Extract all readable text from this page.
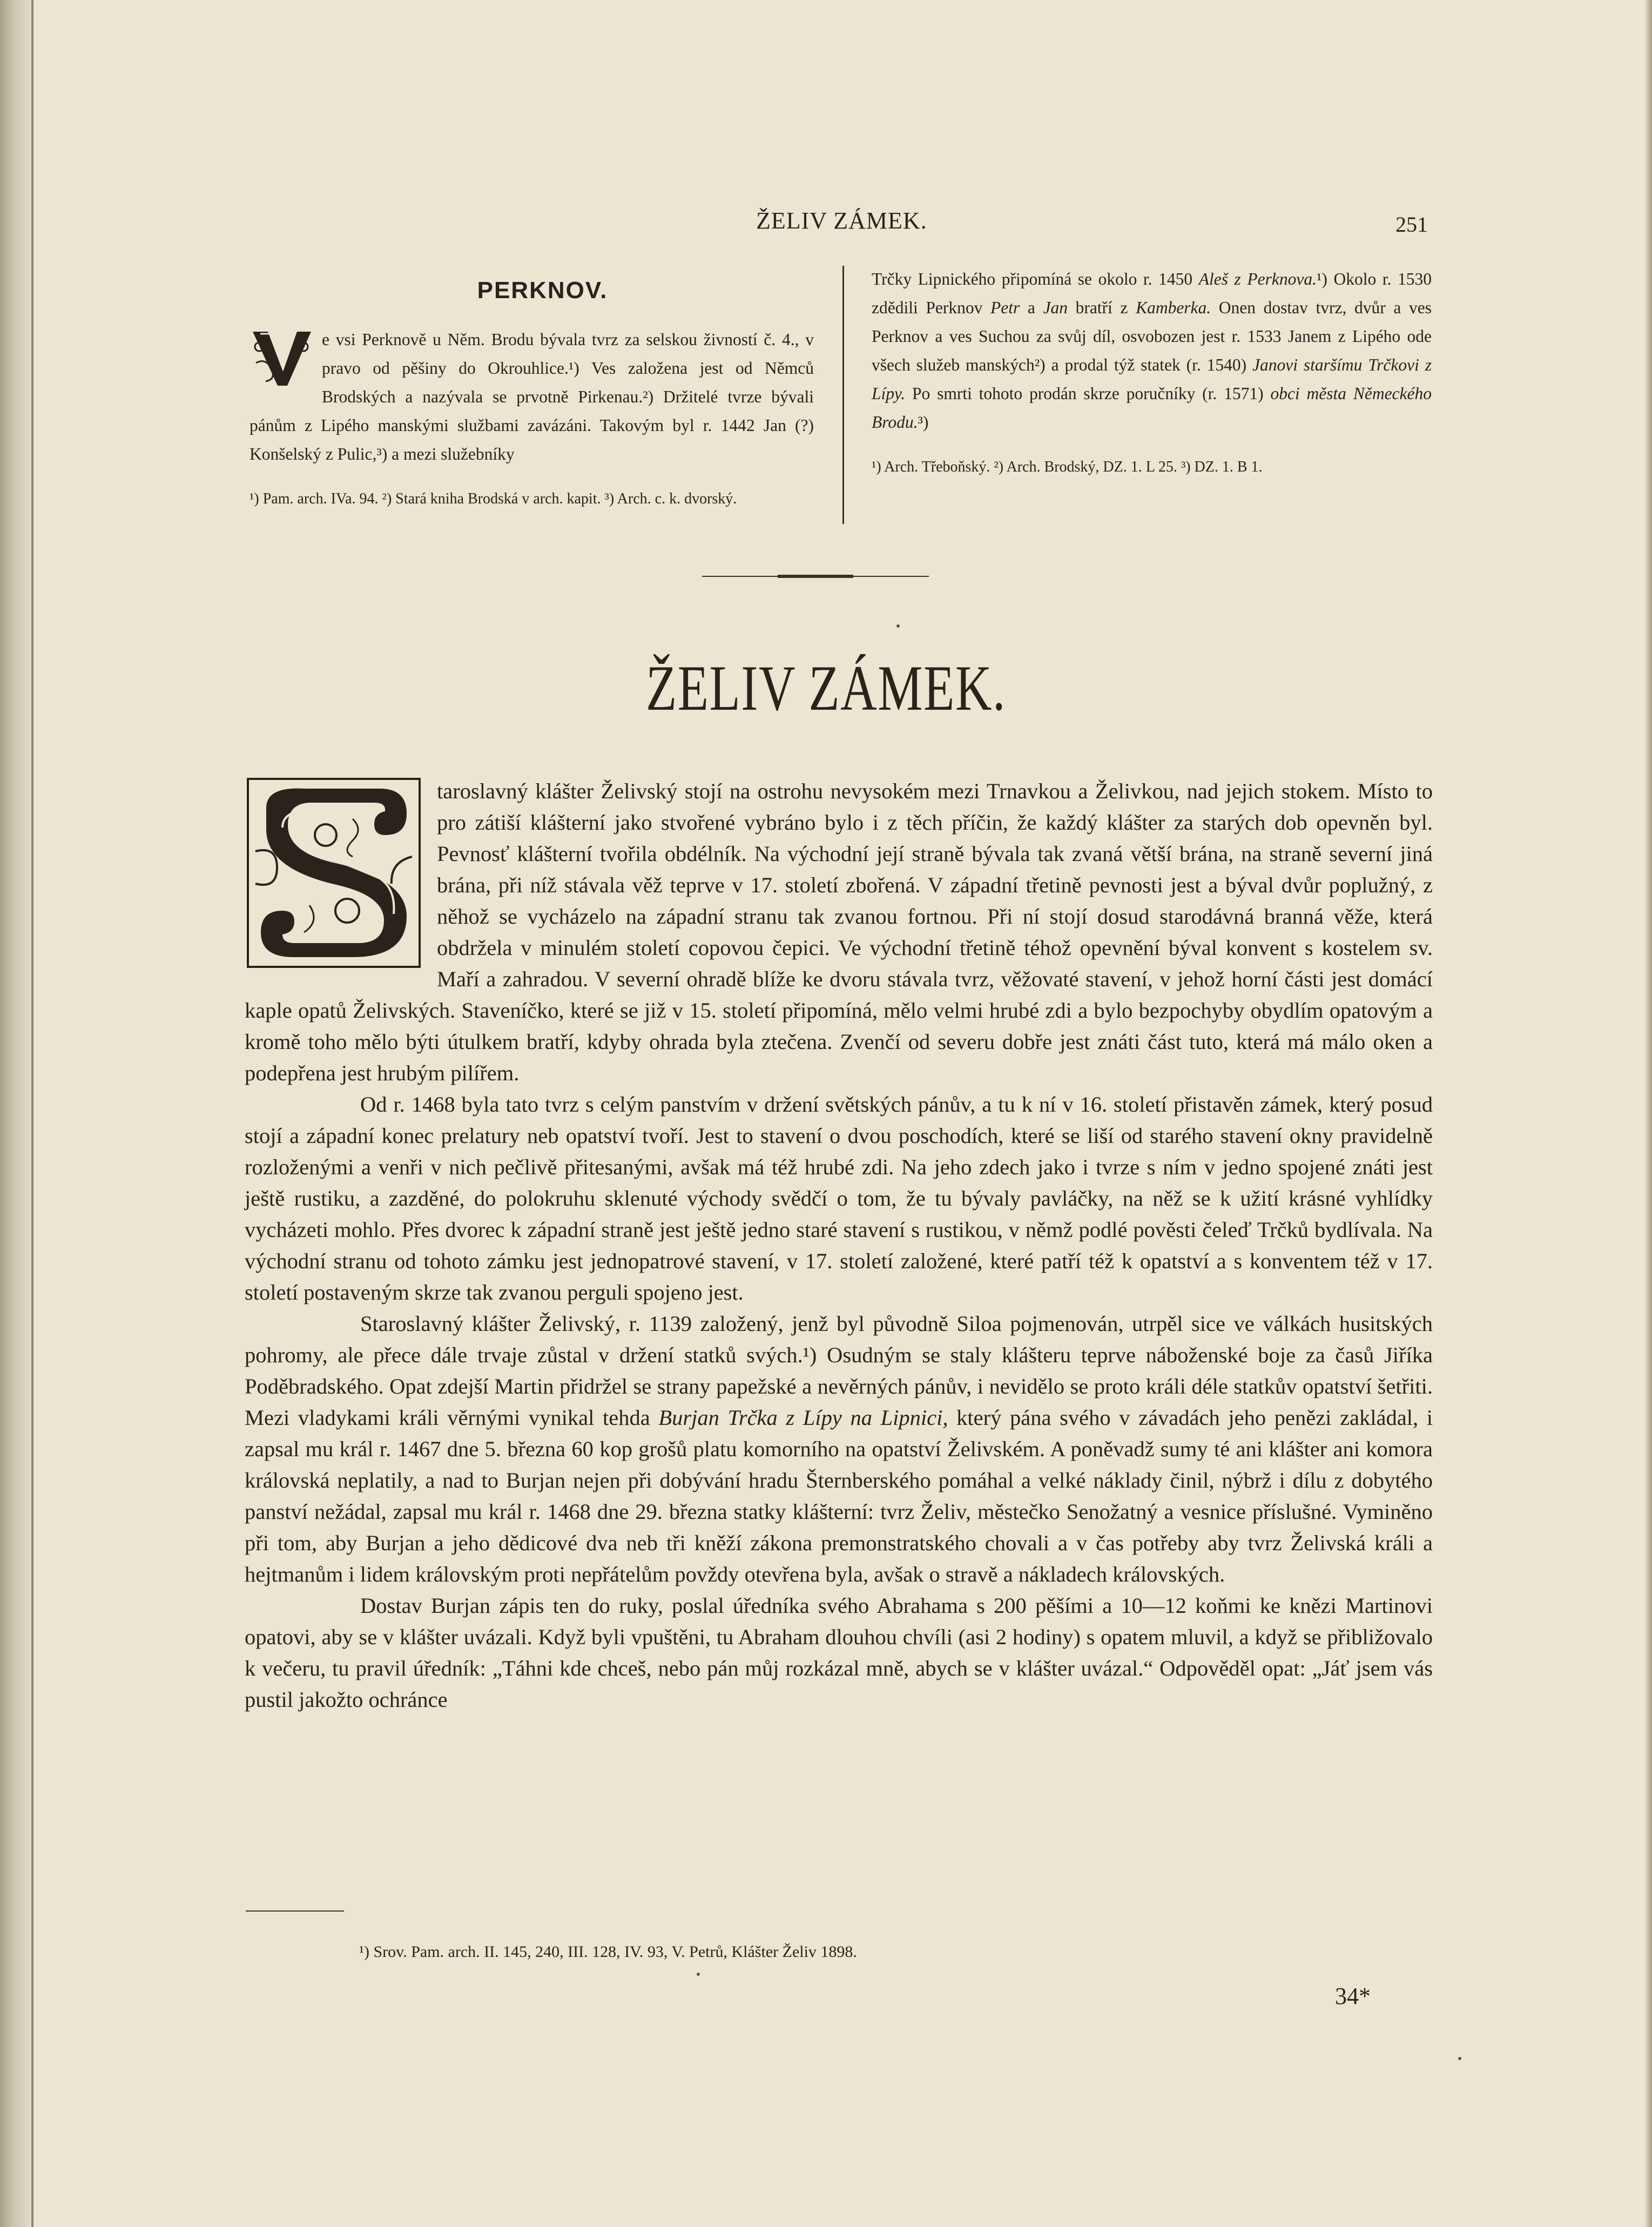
ŽELIV ZÁMEK.	251
PERKNOV.

e vsi Perknově u Něm. Brodu bývala tvrz za selskou živností č. 4., v pravo od pěšiny do Okrouhlice.¹) Ves založena jest od Němců Brodských a nazývala se prvotně Pirkenau.²) Držitelé tvrze bývali pánům z Lipého manskými službami zavázáni. Takovým byl r. 1442 Jan (?) Konšelský z Pulic,³) a mezi služebníky

¹) Pam. arch. IVa. 94. ²) Stará kniha Brodská v arch. kapit. ³) Arch. c. k. dvorský.

Trčky Lipnického připomíná se okolo r. 1450 Aleš z Perknova.¹) Okolo r. 1530 zdědili Perknov Petr a Jan bratří z Kamberka. Onen dostav tvrz, dvůr a ves Perknov a ves Suchou za svůj díl, osvobozen jest r. 1533 Janem z Lipého ode všech služeb manských²) a prodal týž statek (r. 1540) Janovi staršímu Trčkovi z Lípy. Po smrti tohoto prodán skrze poručníky (r. 1571) obci města Německého Brodu.³)

¹) Arch. Třeboňský. ²) Arch. Brodský, DZ. 1. L 25. ³) DZ. 1. B 1.

ŽELIV ZÁMEK.

taroslavný klášter Želivský stojí na ostrohu nevysokém mezi Trnavkou a Želivkou, nad jejich stokem. Místo to pro zátiší klášterní jako stvořené vybráno bylo i z těch příčin, že každý klášter za starých dob opevněn byl. Pevnosť klášterní tvořila obdélník. Na východní její straně bývala tak zvaná větší brána, na straně severní jiná brána, při níž stávala věž teprve v 17. století zbořená. V západní třetině pevnosti jest a býval dvůr poplužný, z něhož se vycházelo na západní stranu tak zvanou fortnou. Při ní stojí dosud starodávná branná věže, která obdržela v minulém století copovou čepici. Ve východní třetině téhož opevnění býval konvent s kostelem sv. Maří a zahradou. V severní ohradě blíže ke dvoru stávala tvrz, věžovaté stavení, v jehož horní části jest domácí kaple opatů Želivských. Staveníčko, které se již v 15. století připomíná, mělo velmi hrubé zdi a bylo bezpochyby obydlím opatovým a kromě toho mělo býti útulkem bratří, kdyby ohrada byla ztečena. Zvenčí od severu dobře jest znáti část tuto, která má málo oken a podepřena jest hrubým pilířem.

Od r. 1468 byla tato tvrz s celým panstvím v držení světských pánův, a tu k ní v 16. století přistavěn zámek, který posud stojí a západní konec prelatury neb opatství tvoří. Jest to stavení o dvou poschodích, které se liší od starého stavení okny pravidelně rozloženými a venři v nich pečlivě přitesanými, avšak má též hrubé zdi. Na jeho zdech jako i tvrze s ním v jedno spojené znáti jest ještě rustiku, a zazděné, do polokruhu sklenuté východy svědčí o tom, že tu bývaly pavláčky, na něž se k užití krásné vyhlídky vycházeti mohlo. Přes dvorec k západní straně jest ještě jedno staré stavení s rustikou, v němž podlé pověsti čeleď Trčků bydlívala. Na východní stranu od tohoto zámku jest jednopatrové stavení, v 17. století založené, které patří též k opatství a s konventem též v 17. století postaveným skrze tak zvanou perguli spojeno jest.

Staroslavný klášter Želivský, r. 1139 založený, jenž byl původně Siloa pojmenován, utrpěl sice ve válkách husitských pohromy, ale přece dále trvaje zůstal v držení statků svých.¹) Osudným se staly klášteru teprve náboženské boje za časů Jiříka Poděbradského. Opat zdejší Martin přidržel se strany papežské a nevěrných pánův, i nevidělo se proto králi déle statkův opatství šetřiti. Mezi vladykami králi věrnými vynikal tehda Burjan Trčka z Lípy na Lipnici, který pána svého v závadách jeho penězi zakládal, i zapsal mu král r. 1467 dne 5. března 60 kop grošů platu komorního na opatství Želivském. A poněvadž sumy té ani klášter ani komora královská neplatily, a nad to Burjan nejen při dobývání hradu Šternberského pomáhal a velké náklady činil, nýbrž i dílu z dobytého panství nežádal, zapsal mu král r. 1468 dne 29. března statky klášterní: tvrz Želiv, městečko Senožatný a vesnice příslušné. Vyminěno při tom, aby Burjan a jeho dědicové dva neb tři kněží zákona premonstratského chovali a v čas potřeby aby tvrz Želivská králi a hejtmanům i lidem královským proti nepřátelům povždy otevřena byla, avšak o stravě a nákladech královských.

Dostav Burjan zápis ten do ruky, poslal úředníka svého Abrahama s 200 pěšími a 10—12 koňmi ke knězi Martinovi opatovi, aby se v klášter uvázali. Když byli vpuštěni, tu Abraham dlouhou chvíli (asi 2 hodiny) s opatem mluvil, a když se přibližovalo k večeru, tu pravil úředník: „Táhni kde chceš, nebo pán můj rozkázal mně, abych se v klášter uvázal.“ Odpověděl opat: „Jáť jsem vás pustil jakožto ochránce

¹) Srov. Pam. arch. II. 145, 240, III. 128, IV. 93, V. Petrů, Klášter Želiv 1898.
34*
